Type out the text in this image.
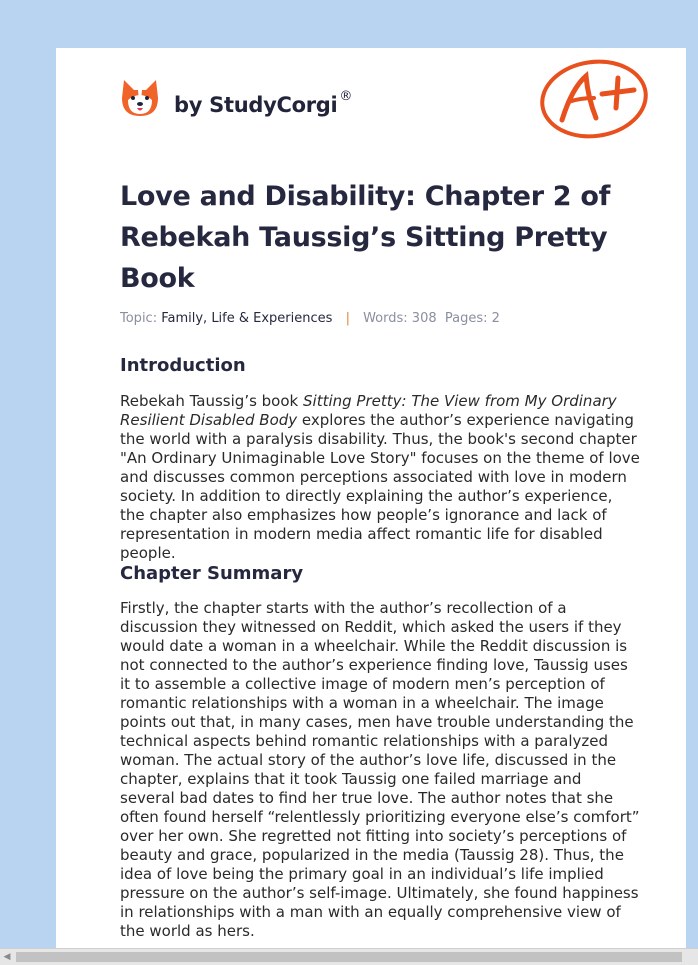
by StudyCorgi ®
Love and Disability: Chapter 2 of Rebekah Taussig’s Sitting Pretty Book
Topic: Family, Life & Experiences | Words: 308 Pages: 2
Introduction

Rebekah Taussig’s book Sitting Pretty: The View from My Ordinary Resilient Disabled Body explores the author’s experience navigating the world with a paralysis disability. Thus, the book's second chapter "An Ordinary Unimaginable Love Story" focuses on the theme of love and discusses common perceptions associated with love in modern society. In addition to directly explaining the author’s experience, the chapter also emphasizes how people’s ignorance and lack of representation in modern media affect romantic life for disabled people.

Chapter Summary

Firstly, the chapter starts with the author’s recollection of a discussion they witnessed on Reddit, which asked the users if they would date a woman in a wheelchair. While the Reddit discussion is not connected to the author’s experience finding love, Taussig uses it to assemble a collective image of modern men’s perception of romantic relationships with a woman in a wheelchair. The image points out that, in many cases, men have trouble understanding the technical aspects behind romantic relationships with a paralyzed woman. The actual story of the author’s love life, discussed in the chapter, explains that it took Taussig one failed marriage and several bad dates to find her true love. The author notes that she often found herself “relentlessly prioritizing everyone else’s comfort” over her own. She regretted not fitting into society’s perceptions of beauty and grace, popularized in the media (Taussig 28). Thus, the idea of love being the primary goal in an individual’s life implied pressure on the author’s self-image. Ultimately, she found happiness in relationships with a man with an equally comprehensive view of the world as hers.

◀
